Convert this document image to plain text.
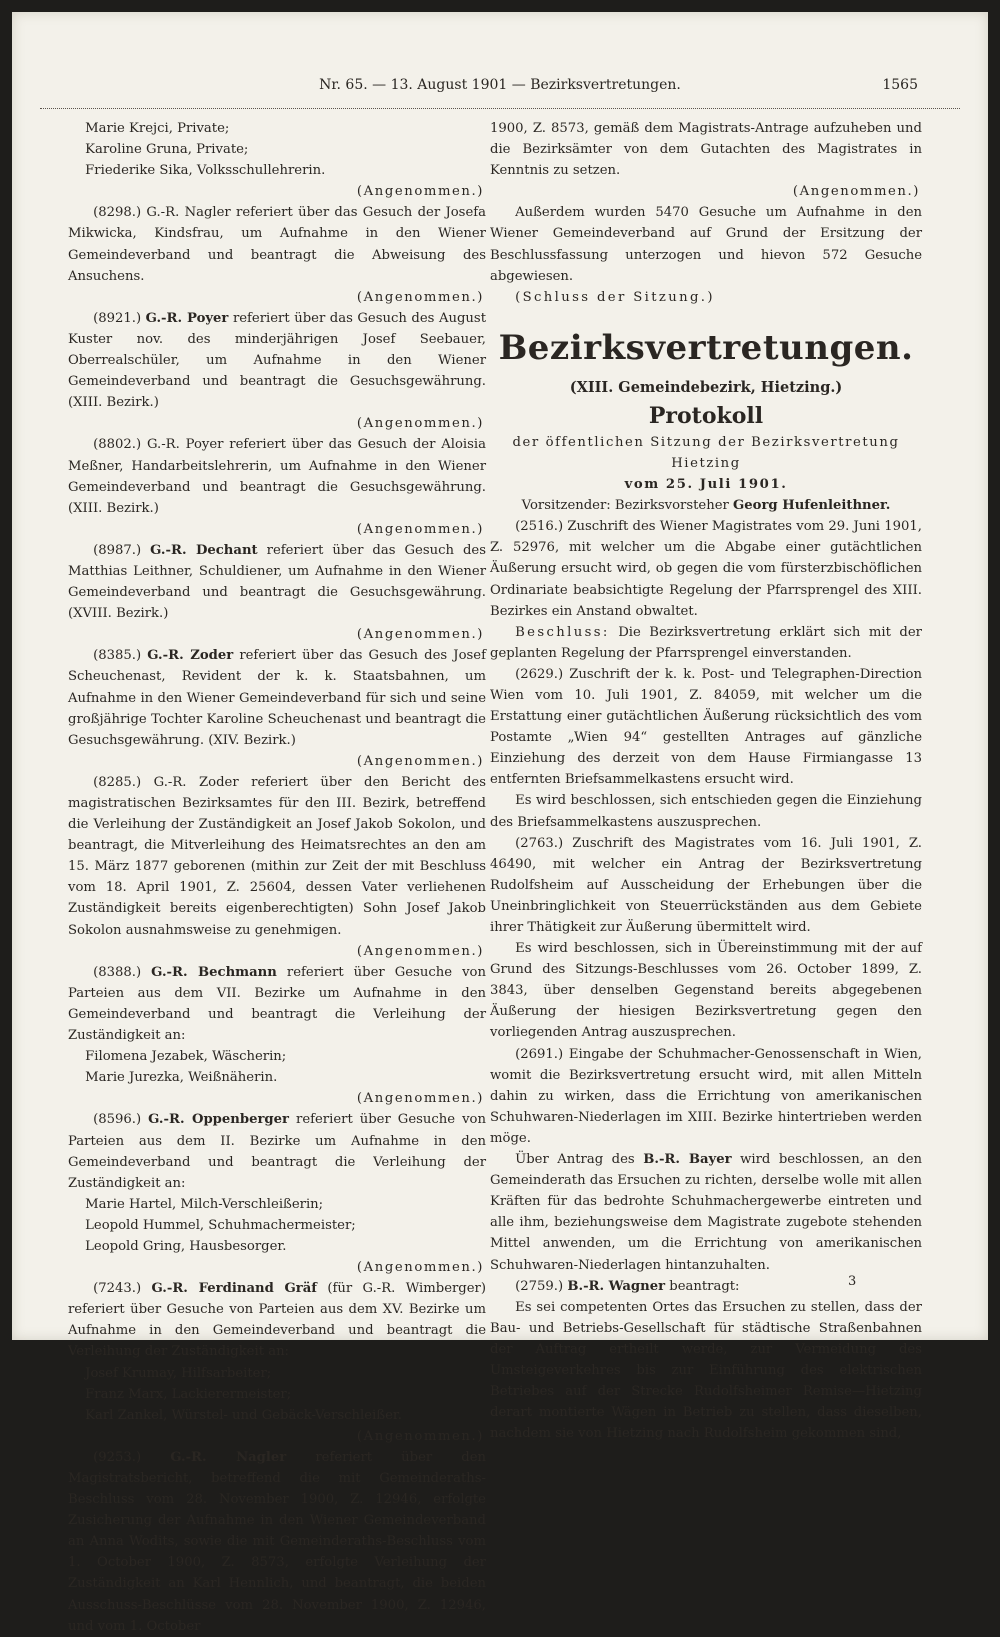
Nr. 65. — 13. August 1901 — Bezirksvertretungen.	1565

Marie Krejci, Private;

Karoline Gruna, Private;

Friederike Sika, Volksschullehrerin.

(Angenommen.)

(8298.) G.-R. Nagler referiert über das Gesuch der Josefa Mikwicka, Kindsfrau, um Aufnahme in den Wiener Gemeindeverband und beantragt die Abweisung des Ansuchens.

(Angenommen.)

(8921.) G.-R. Poyer referiert über das Gesuch des August Kuster nov. des minderjährigen Josef Seebauer, Oberrealschüler, um Aufnahme in den Wiener Gemeindeverband und beantragt die Gesuchsgewährung. (XIII. Bezirk.)

(Angenommen.)

(8802.) G.-R. Poyer referiert über das Gesuch der Aloisia Meßner, Handarbeitslehrerin, um Aufnahme in den Wiener Gemeindeverband und beantragt die Gesuchsgewährung. (XIII. Bezirk.)

(Angenommen.)

(8987.) G.-R. Dechant referiert über das Gesuch des Matthias Leithner, Schuldiener, um Aufnahme in den Wiener Gemeindeverband und beantragt die Gesuchsgewährung. (XVIII. Bezirk.)

(Angenommen.)

(8385.) G.-R. Zoder referiert über das Gesuch des Josef Scheuchenast, Revident der k. k. Staatsbahnen, um Aufnahme in den Wiener Gemeindeverband für sich und seine großjährige Tochter Karoline Scheuchenast und beantragt die Gesuchsgewährung. (XIV. Bezirk.)

(Angenommen.)

(8285.) G.-R. Zoder referiert über den Bericht des magistratischen Bezirksamtes für den III. Bezirk, betreffend die Verleihung der Zuständigkeit an Josef Jakob Sokolon, und beantragt, die Mitverleihung des Heimatsrechtes an den am 15. März 1877 geborenen (mithin zur Zeit der mit Beschluss vom 18. April 1901, Z. 25604, dessen Vater verliehenen Zuständigkeit bereits eigenberechtigten) Sohn Josef Jakob Sokolon ausnahmsweise zu genehmigen.

(Angenommen.)

(8388.) G.-R. Bechmann referiert über Gesuche von Parteien aus dem VII. Bezirke um Aufnahme in den Gemeindeverband und beantragt die Verleihung der Zuständigkeit an:

Filomena Jezabek, Wäscherin;

Marie Jurezka, Weißnäherin.

(Angenommen.)

(8596.) G.-R. Oppenberger referiert über Gesuche von Parteien aus dem II. Bezirke um Aufnahme in den Gemeindeverband und beantragt die Verleihung der Zuständigkeit an:

Marie Hartel, Milch-Verschleißerin;

Leopold Hummel, Schuhmachermeister;

Leopold Gring, Hausbesorger.

(Angenommen.)

(7243.) G.-R. Ferdinand Gräf (für G.-R. Wimberger) referiert über Gesuche von Parteien aus dem XV. Bezirke um Aufnahme in den Gemeindeverband und beantragt die Verleihung der Zuständigkeit an:

Josef Krumay, Hilfsarbeiter;

Franz Marx, Lackierermeister;

Karl Zankel, Würstel- und Gebäck-Verschleißer.

(Angenommen.)

(9253.) G.-R. Nagler referiert über den Magistratsbericht, betreffend die mit Gemeinderaths-Beschluss vom 28. November 1900, Z. 12946, erfolgte Zusicherung der Aufnahme in den Wiener Gemeindeverband an Anna Wodits, sowie die mit Gemeinderaths-Beschluss vom 1. October 1900, Z. 8573, erfolgte Verleihung der Zuständigkeit an Karl Hennlich, und beantragt, die beiden Ausschuss-Beschlüsse vom 28. November 1900, Z. 12946, und vom 1. October

1900, Z. 8573, gemäß dem Magistrats-Antrage aufzuheben und die Bezirksämter von dem Gutachten des Magistrates in Kenntnis zu setzen.

(Angenommen.)

Außerdem wurden 5470 Gesuche um Aufnahme in den Wiener Gemeindeverband auf Grund der Ersitzung der Beschlussfassung unterzogen und hievon 572 Gesuche abgewiesen.

(Schluss der Sitzung.)

Bezirksvertretungen.
(XIII. Gemeindebezirk, Hietzing.)
Protokoll
der öffentlichen Sitzung der Bezirksvertretung Hietzing
vom 25. Juli 1901.
Vorsitzender: Bezirksvorsteher Georg Hufenleithner.

(2516.) Zuschrift des Wiener Magistrates vom 29. Juni 1901, Z. 52976, mit welcher um die Abgabe einer gutächtlichen Äußerung ersucht wird, ob gegen die vom fürsterzbischöflichen Ordinariate beabsichtigte Regelung der Pfarrsprengel des XIII. Bezirkes ein Anstand obwaltet.

Beschluss: Die Bezirksvertretung erklärt sich mit der geplanten Regelung der Pfarrsprengel einverstanden.

(2629.) Zuschrift der k. k. Post- und Telegraphen-Direction Wien vom 10. Juli 1901, Z. 84059, mit welcher um die Erstattung einer gutächtlichen Äußerung rücksichtlich des vom Postamte „Wien 94“ gestellten Antrages auf gänzliche Einziehung des derzeit von dem Hause Firmiangasse 13 entfernten Briefsammelkastens ersucht wird.

Es wird beschlossen, sich entschieden gegen die Einziehung des Briefsammelkastens auszusprechen.

(2763.) Zuschrift des Magistrates vom 16. Juli 1901, Z. 46490, mit welcher ein Antrag der Bezirksvertretung Rudolfsheim auf Ausscheidung der Erhebungen über die Uneinbringlichkeit von Steuerrückständen aus dem Gebiete ihrer Thätigkeit zur Äußerung übermittelt wird.

Es wird beschlossen, sich in Übereinstimmung mit der auf Grund des Sitzungs-Beschlusses vom 26. October 1899, Z. 3843, über denselben Gegenstand bereits abgegebenen Äußerung der hiesigen Bezirksvertretung gegen den vorliegenden Antrag auszusprechen.

(2691.) Eingabe der Schuhmacher-Genossenschaft in Wien, womit die Bezirksvertretung ersucht wird, mit allen Mitteln dahin zu wirken, dass die Errichtung von amerikanischen Schuhwaren-Niederlagen im XIII. Bezirke hintertrieben werden möge.

Über Antrag des B.-R. Bayer wird beschlossen, an den Gemeinderath das Ersuchen zu richten, derselbe wolle mit allen Kräften für das bedrohte Schuhmachergewerbe eintreten und alle ihm, beziehungsweise dem Magistrate zugebote stehenden Mittel anwenden, um die Errichtung von amerikanischen Schuhwaren-Niederlagen hintanzuhalten.

(2759.) B.-R. Wagner beantragt:

Es sei competenten Ortes das Ersuchen zu stellen, dass der Bau- und Betriebs-Gesellschaft für städtische Straßenbahnen der Auftrag ertheilt werde, zur Vermeidung des Umsteigeverkehres bis zur Einführung des elektrischen Betriebes auf der Strecke Rudolfsheimer Remise—Hietzing derart montierte Wägen in Betrieb zu stellen, dass dieselben, nachdem sie von Hietzing nach Rudolfsheim gekommen sind,

3
